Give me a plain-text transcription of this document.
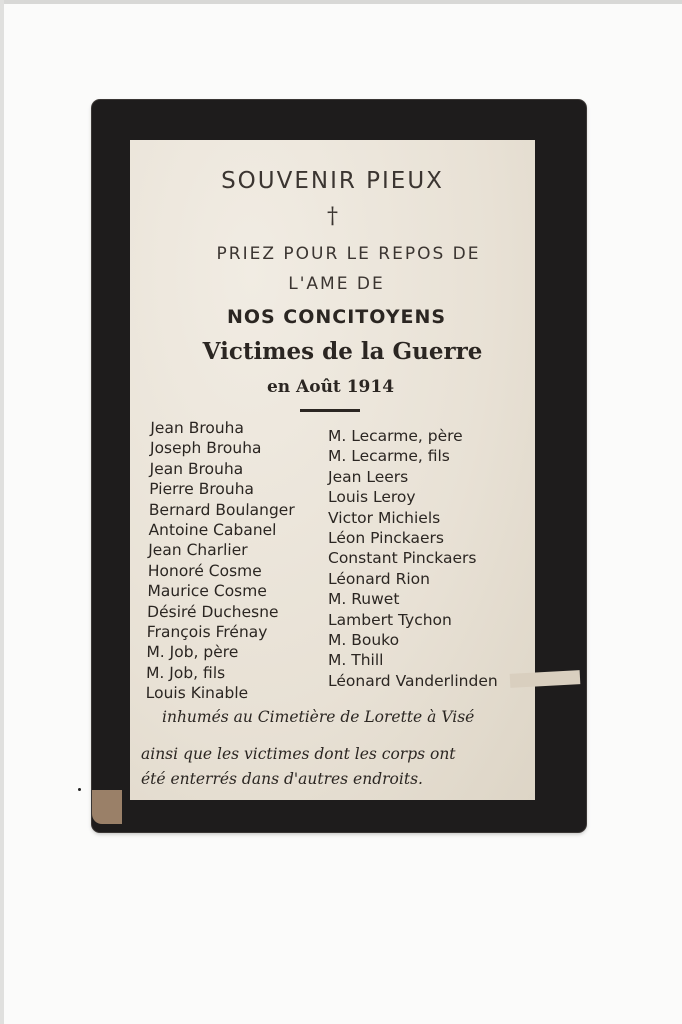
SOUVENIR PIEUX
†
PRIEZ POUR LE REPOS DE
L'AME DE
NOS CONCITOYENS
Victimes de la Guerre
en Août 1914
Jean Brouha
Joseph Brouha
Jean Brouha
Pierre Brouha
Bernard Boulanger
Antoine Cabanel
Jean Charlier
Honoré Cosme
Maurice Cosme
Désiré Duchesne
François Frénay
M. Job, père
M. Job, fils
Louis Kinable
M. Lecarme, père
M. Lecarme, fils
Jean Leers
Louis Leroy
Victor Michiels
Léon Pinckaers
Constant Pinckaers
Léonard Rion
M. Ruwet
Lambert Tychon
M. Bouko
M. Thill
Léonard Vanderlinden
inhumés au Cimetière de Lorette à Visé
ainsi que les victimes dont les corps ont
été enterrés dans d'autres endroits.
